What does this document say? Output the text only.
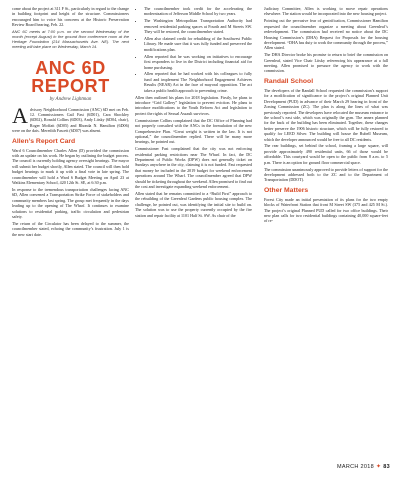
come about the project at 311 F St., particularly in regard to the change in building footprint and height of the structure. Commissioners encouraged him to voice his concerns at the Historic Preservation Review Board hearing, Feb. 22.

ANC 6C meets at 7:00 p.m. on the second Wednesday of the month (except August) in the ground floor conference room at the Heritage Foundation (214 Massachusetts Ave. NE). The next meeting will take place on Wednesday, March 14.

ANC 6D REPORT
by Andrew Lightman

Advisory Neighborhood Commission (ANC) 6D met on Feb. 12. Commissioners Gail Fast (6D01), Cara Shockley (6D02), Ronald Collins (6D03), Andy Litsky (6D04, chair), Roger Moffatt (6D05) and Rhonda N. Hamilton (6D06) were on the dais. Meredith Fascett (6D07) was absent.

Allen’s Report Card

Ward 6 Councilmember Charles Allen (D) provided the commission with an update on his work. He began by outlining the budget process. The council is currently holding agency oversight hearings. The mayor will submit her budget shortly, Allen stated. The council will then hold budget hearings to mark it up with a final vote in late spring. The councilmember will hold a Ward 6 Budget Meeting on April 23 at Watkins Elementary School, 420 12th St. SE, at 6:30 p.m.

In response to the tremendous transportation challenges facing ANC 6D, Allen convened a Transportation Strike Force of stakeholders and community members last spring. The group met frequently in the days leading up to the opening of The Wharf. It continues to examine solutions to residential parking, traffic circulation and pedestrian safety.

The return of the Circulator has been delayed to the summer, the councilmember stated, echoing the community’s frustration. July 1 is the new start date.

• The councilmember took credit for the accelerating the modernization of Jefferson Middle School by two years.
• The Washington Metropolitan Transportation Authority had removed residential parking spaces at Fourth and M Streets SW. They will be restored, the councilmember stated.
• Allen also claimed credit for rebuilding of the Southwest Public Library. He made sure that it was fully funded and preserved the modifications plan.
• Allen reported that he was working on initiatives to encourage first responders to live in the District including financial aid for home purchasing.
• Allen reported that he had worked with his colleagues to fully fund and implement The Neighborhood Engagement Achieves Results (NEAR) Act in the face of mayoral opposition. The act takes a public health approach to preventing crime.

Allen then outlined his plans for 2018 legislation. Firstly, he plans to introduce “Grid Gallery” legislation to prevent eviction. He plans to introduce modifications to the Youth Reform Act and legislation to protect the rights of Sexual Assault survivors.

Commissioner Collins complained that the DC Office of Planning had not properly consulted with the ANCs in the formulation of the new Comprehensive Plan. “Great weight is written in the law. It is not optional,” the councilmember replied. There will be many more hearings, he pointed out.

Commissioner Fast complained that the city was not enforcing residential parking restrictions near The Wharf. In fact, the DC Department of Public Works (DPW) does not generally ticket on Sundays anywhere in the city, claiming it is not funded. Fast requested that money be included in the 2019 budget for weekend enforcement operations around The Wharf. The councilmember agreed that DPW should be ticketing throughout the weekend. Allen promised to find out the cost and investigate expanding weekend enforcement.

Allen stated that he remains committed to a “Build First” approach to the rebuilding of the Greenleaf Gardens public housing complex. The challenge, he pointed out, was identifying the initial site to build on. The solution was to use the property currently occupied by the fire station and repair facility at 1101 Half St. SW. As chair of the

Judiciary Committee, Allen is working to move repair operations elsewhere. The station would be incorporated into the new housing project.

Pointing out the pervasive fear of gentrification, Commissioner Hamilton requested the councilmember organize a meeting about Greenleaf’s redevelopment. The commission had received no notice about the DC Housing Commission’s (DHA) Request for Proposals for the housing development. “DHA has duty to work the community through the process,” Allen stated.

The DHA Director broke his promise to return to brief the commission on Greenleaf, stated Vice Chair Litsky referencing his appearance at a fall meeting. Allen promised to pressure the agency to work with the commission.

Randall School

The developers of the Randall School requested the commission’s support for a modification of significance to the project’s original Planned Unit Development (PUD) in advance of their March 29 hearing in front of the Zoning Commission (ZC). The plan is along the lines of what was previously reported. The developers have relocated the museum entrance to the school’s east side, which was originally the gym. The annex planned for the back of the building has been eliminated. Together, these changes better preserve the 1906 historic structure, which will be fully restored to qualify for LEED Silver. The building will house the Rubell Museum, which the developer announced would be free to all DC residents.

The rear buildings, set behind the school, framing a large square, will provide approximately 490 residential units, 66 of those would be affordable. This courtyard would be open to the public from 8 a.m. to 5 p.m. There is an option for ground floor commercial space.

The commission unanimously approved to provide letters of support for the development addressed both to the ZC and to the Department of Transportation (DDOT).

Other Matters

Forest City made an initial presentation of its plans for the two empty blocks of Waterfront Station that front M Street SW (375 and 425 M St.). The project’s original Planned PUD called for two office buildings. Their new plan calls for two residential buildings containing 40,000 square-feet of re-

MARCH 2018 ✦ 83
